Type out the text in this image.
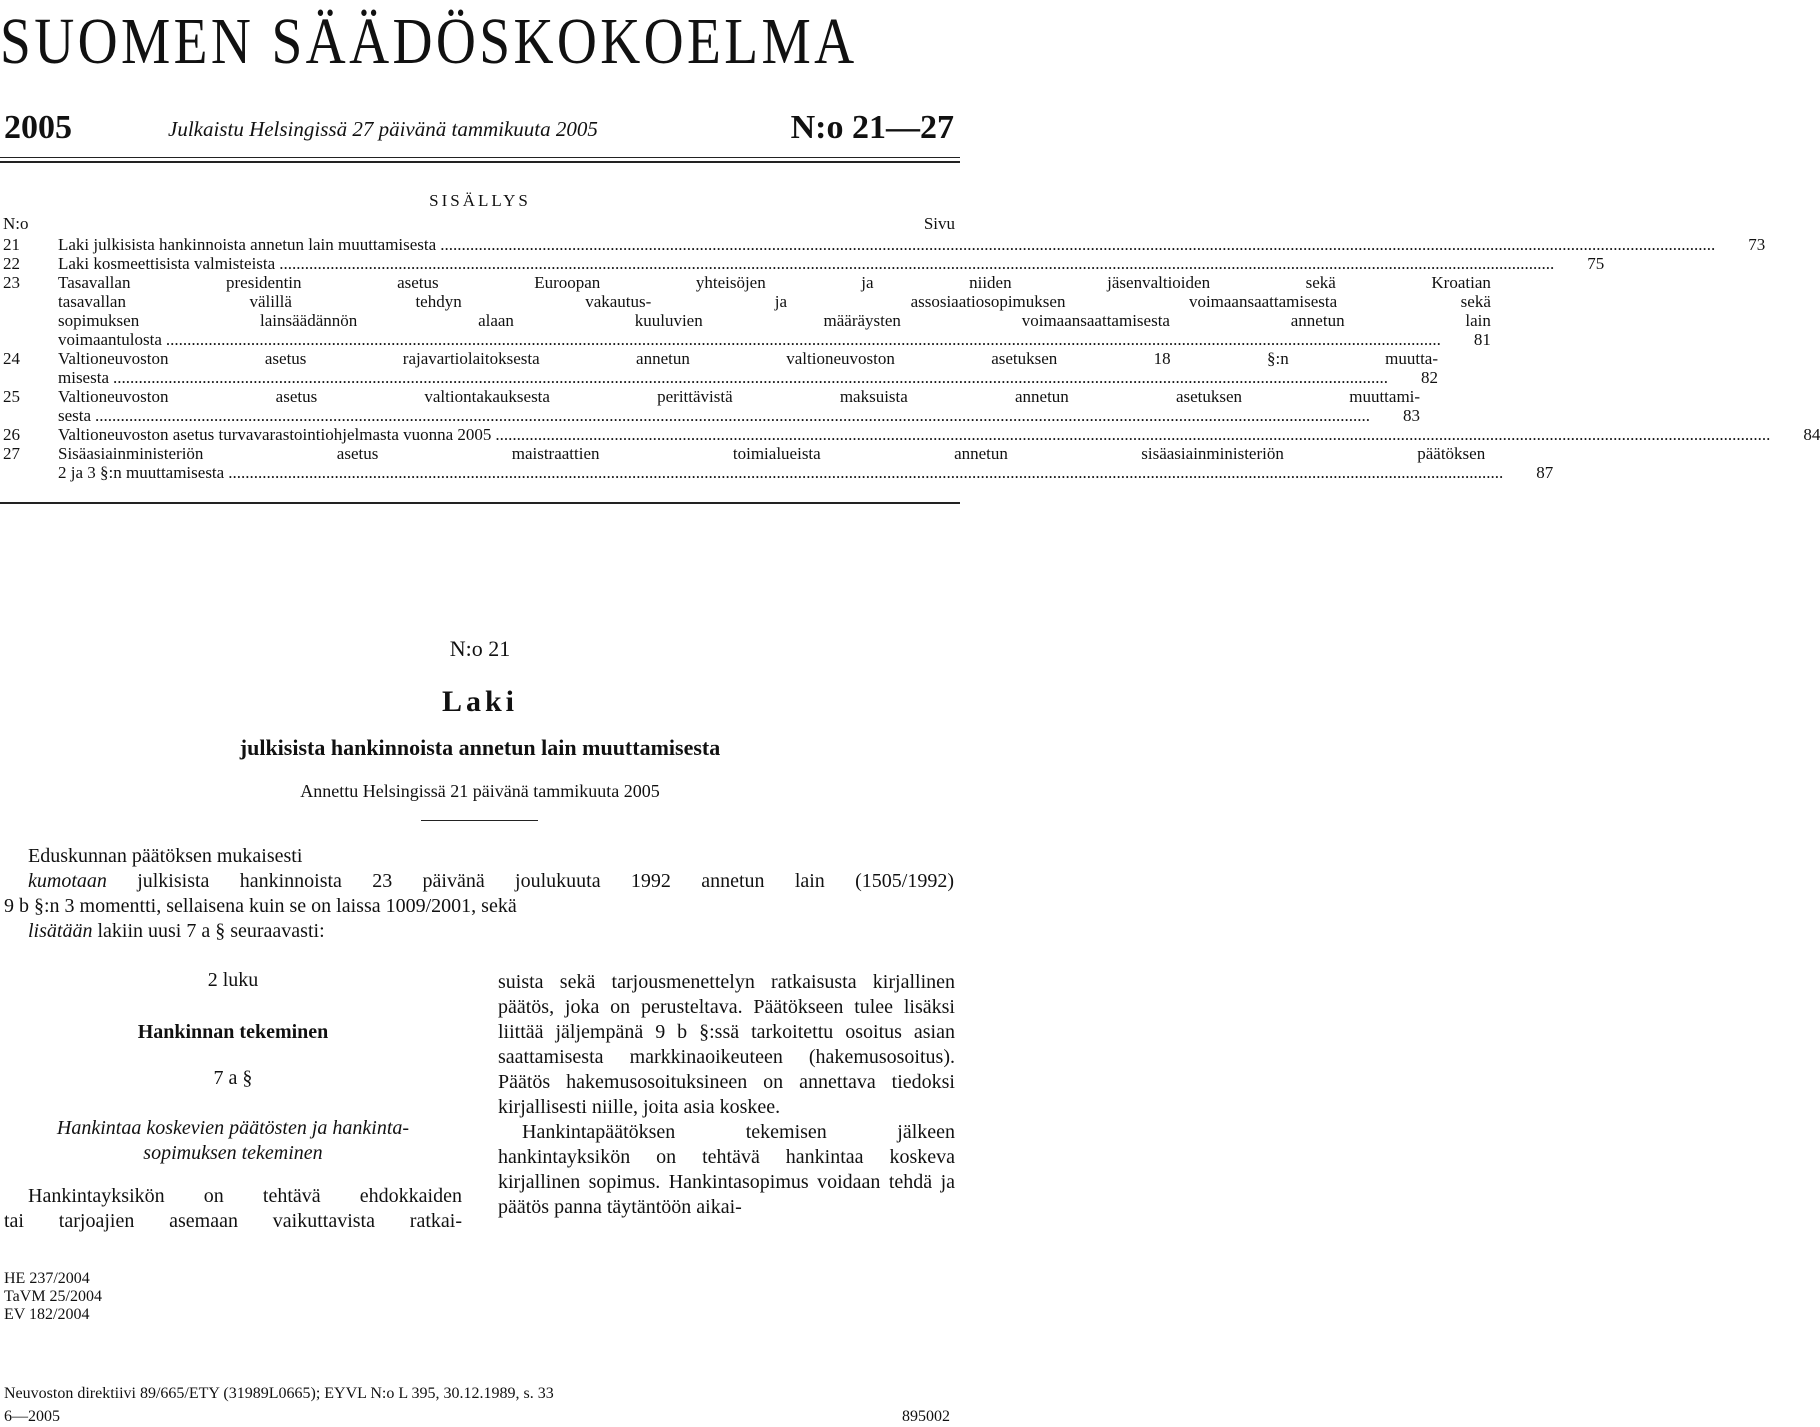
SUOMEN SÄÄDÖSKOKOELMA
2005	Julkaistu Helsingissä 27 päivänä tammikuuta 2005	N:o 21—27
SISÄLLYS
N:o	Sivu
21	Laki julkisista hankinnoista annetun lain muuttamisesta ............................................................................................................................................................................................................................................................................................................	73
22	Laki kosmeettisista valmisteista ............................................................................................................................................................................................................................................................................................................	75
23	Tasavallan presidentin asetus Euroopan yhteisöjen ja niiden jäsenvaltioiden sekä Kroatian
tasavallan välillä tehdyn vakautus- ja assosiaatiosopimuksen voimaansaattamisesta sekä
sopimuksen lainsäädännön alaan kuuluvien määräysten voimaansaattamisesta annetun lain
voimaantulosta ............................................................................................................................................................................................................................................................................................................	81
24	Valtioneuvoston asetus rajavartiolaitoksesta annetun valtioneuvoston asetuksen 18 §:n muutta-
misesta ............................................................................................................................................................................................................................................................................................................	82
25	Valtioneuvoston asetus valtiontakauksesta perittävistä maksuista annetun asetuksen muuttami-
sesta ............................................................................................................................................................................................................................................................................................................	83
26	Valtioneuvoston asetus turvavarastointiohjelmasta vuonna 2005 ............................................................................................................................................................................................................................................................................................................	84
27	Sisäasiainministeriön asetus maistraattien toimialueista annetun sisäasiainministeriön päätöksen
2 ja 3 §:n muuttamisesta ............................................................................................................................................................................................................................................................................................................	87
N:o 21
Laki
julkisista hankinnoista annetun lain muuttamisesta
Annettu Helsingissä 21 päivänä tammikuuta 2005

Eduskunnan päätöksen mukaisesti

kumotaan julkisista hankinnoista 23 päivänä joulukuuta 1992 annetun lain (1505/1992)

9 b §:n 3 momentti, sellaisena kuin se on laissa 1009/2001, sekä

lisätään lakiin uusi 7 a § seuraavasti:

2 luku
Hankinnan tekeminen
7 a §
Hankintaa koskevien päätösten ja hankinta-
sopimuksen tekeminen
Hankintayksikön on tehtävä ehdokkaiden
tai tarjoajien asemaan vaikuttavista ratkai-

suista sekä tarjousmenettelyn ratkaisusta kirjallinen päätös, joka on perusteltava. Päätökseen tulee lisäksi liittää jäljempänä 9 b §:ssä tarkoitettu osoitus asian saattamisesta markkinaoikeuteen (hakemusosoitus). Päätös hakemusosoituksineen on annettava tiedoksi kirjallisesti niille, joita asia koskee.

Hankintapäätöksen tekemisen jälkeen hankintayksikön on tehtävä hankintaa koskeva kirjallinen sopimus. Hankintasopimus voidaan tehdä ja päätös panna täytäntöön aikai-

HE 237/2004
TaVM 25/2004
EV 182/2004
Neuvoston direktiivi 89/665/ETY (31989L0665); EYVL N:o L 395, 30.12.1989, s. 33
6—2005	895002
